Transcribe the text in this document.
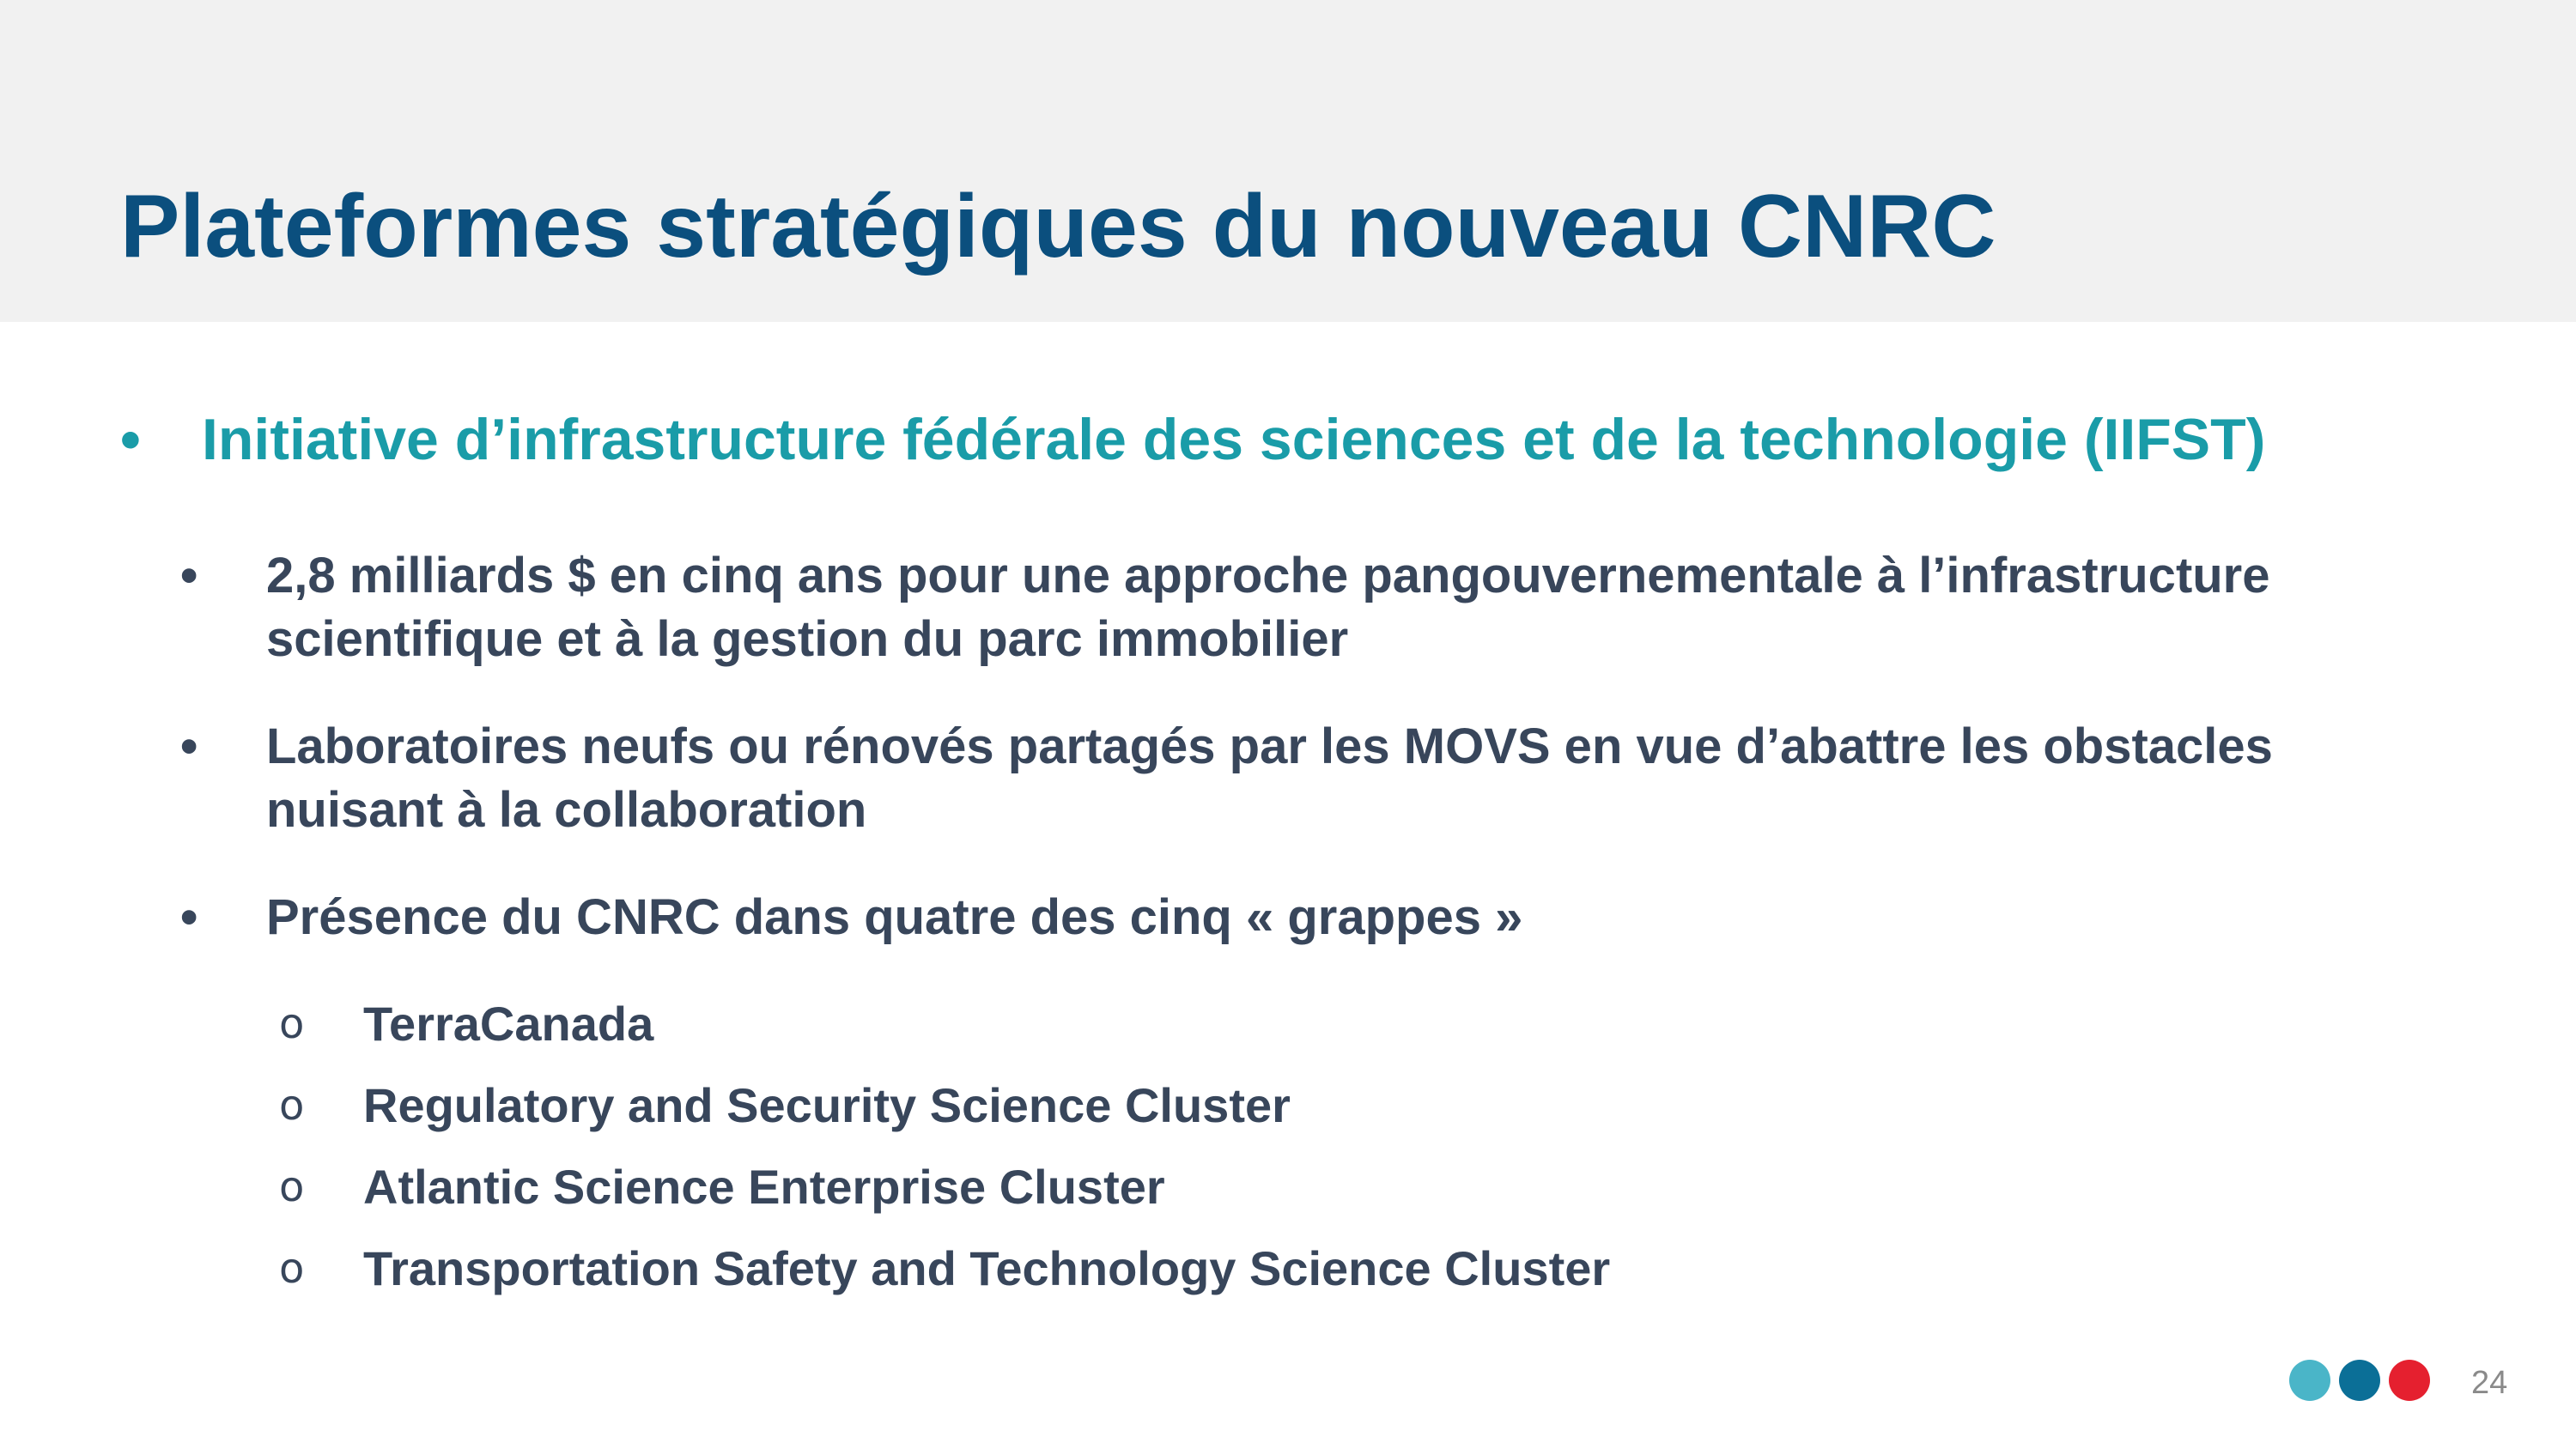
Plateformes stratégiques du nouveau CNRC
• Initiative d’infrastructure fédérale des sciences et de la technologie (IIFST)
• 2,8 milliards $ en cinq ans pour une approche pangouvernementale à l’infrastructure
scientifique et à la gestion du parc immobilier
• Laboratoires neufs ou rénovés partagés par les MOVS en vue d’abattre les obstacles
nuisant à la collaboration
• Présence du CNRC dans quatre des cinq « grappes »
o TerraCanada
o Regulatory and Security Science Cluster
o Atlantic Science Enterprise Cluster
o Transportation Safety and Technology Science Cluster
24
